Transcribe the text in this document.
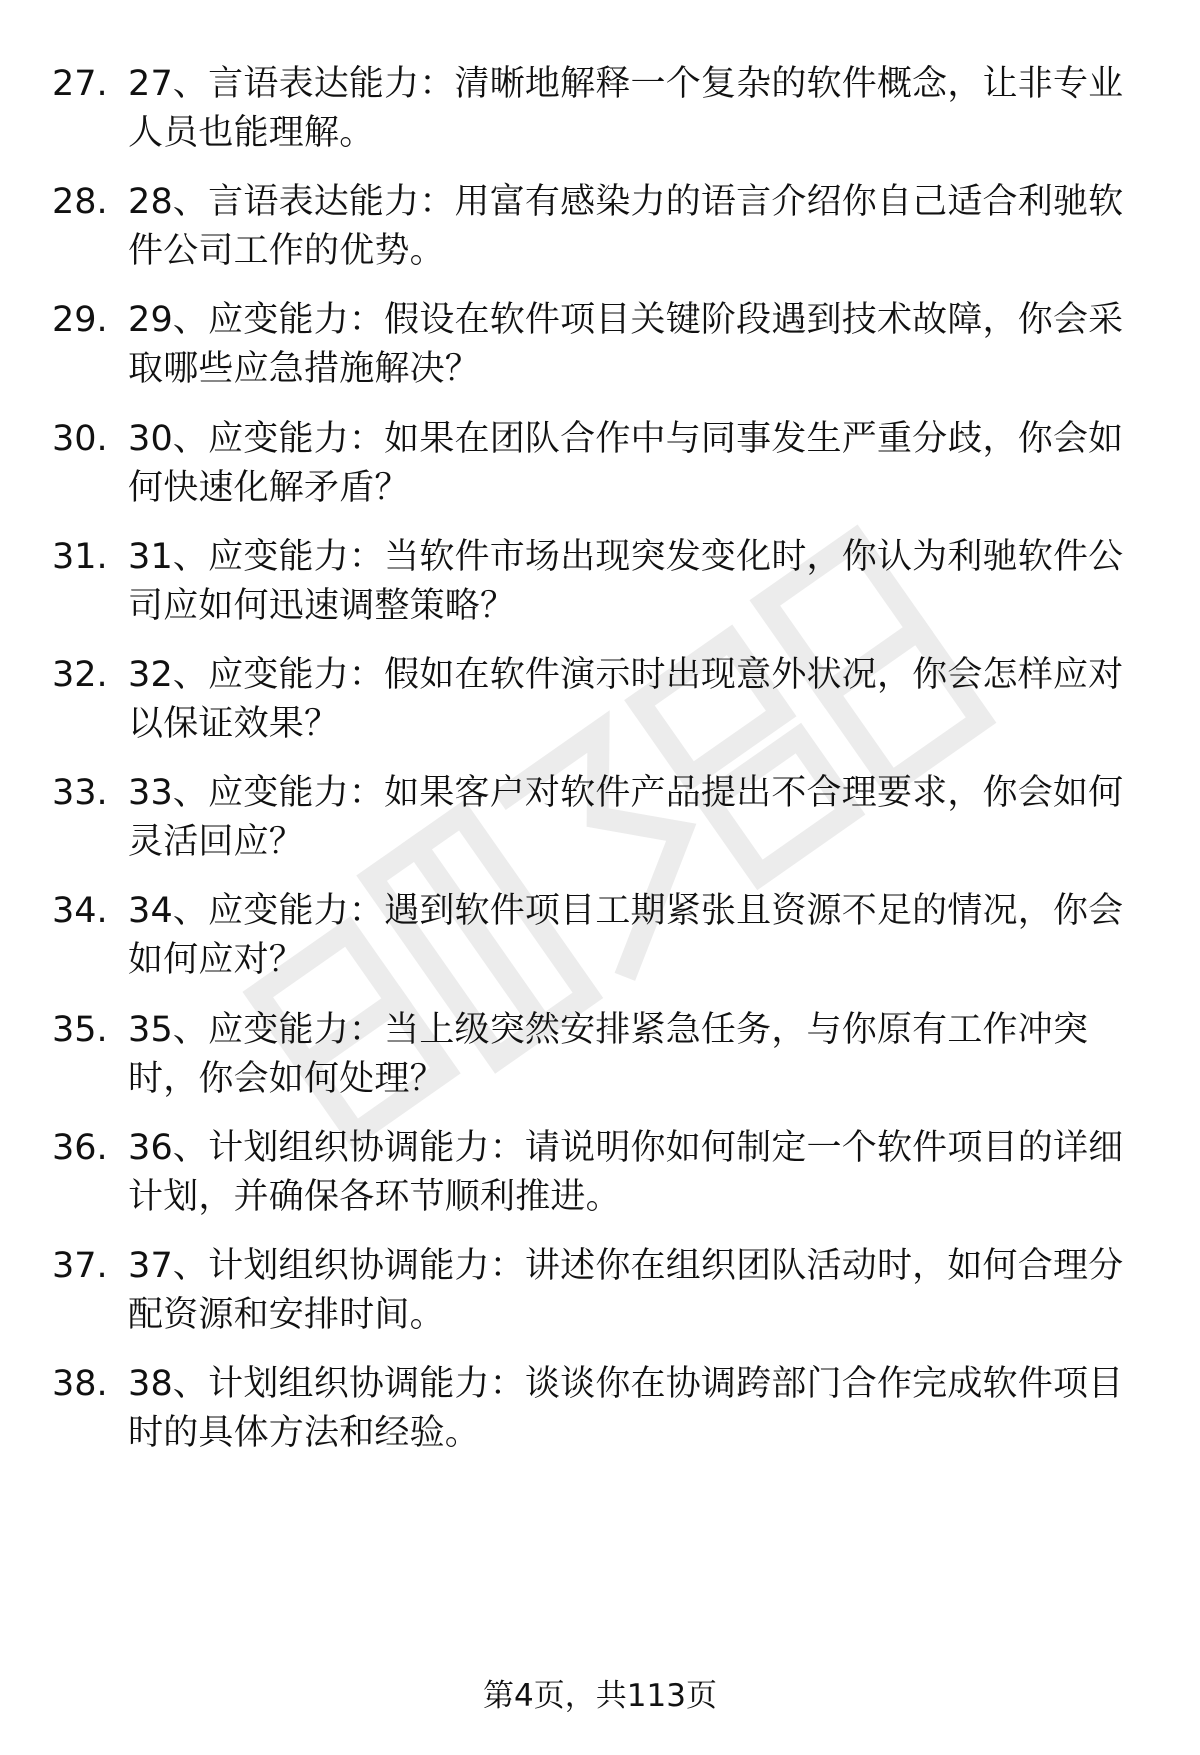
27. 27、言语表达能力：清晰地解释一个复杂的软件概念，让非专业
人员也能理解。
28. 28、言语表达能力：用富有感染力的语言介绍你自己适合利驰软
件公司工作的优势。
29. 29、应变能力：假设在软件项目关键阶段遇到技术故障，你会采
取哪些应急措施解决？
30. 30、应变能力：如果在团队合作中与同事发生严重分歧，你会如
何快速化解矛盾？
31. 31、应变能力：当软件市场出现突发变化时，你认为利驰软件公
司应如何迅速调整策略？
32. 32、应变能力：假如在软件演示时出现意外状况，你会怎样应对
以保证效果？
33. 33、应变能力：如果客户对软件产品提出不合理要求，你会如何
灵活回应？
34. 34、应变能力：遇到软件项目工期紧张且资源不足的情况，你会
如何应对？
35. 35、应变能力：当上级突然安排紧急任务，与你原有工作冲突
时，你会如何处理？
36. 36、计划组织协调能力：请说明你如何制定一个软件项目的详细
计划，并确保各环节顺利推进。
37. 37、计划组织协调能力：讲述你在组织团队活动时，如何合理分
配资源和安排时间。
38. 38、计划组织协调能力：谈谈你在协调跨部门合作完成软件项目
时的具体方法和经验。
第4页，共113页
